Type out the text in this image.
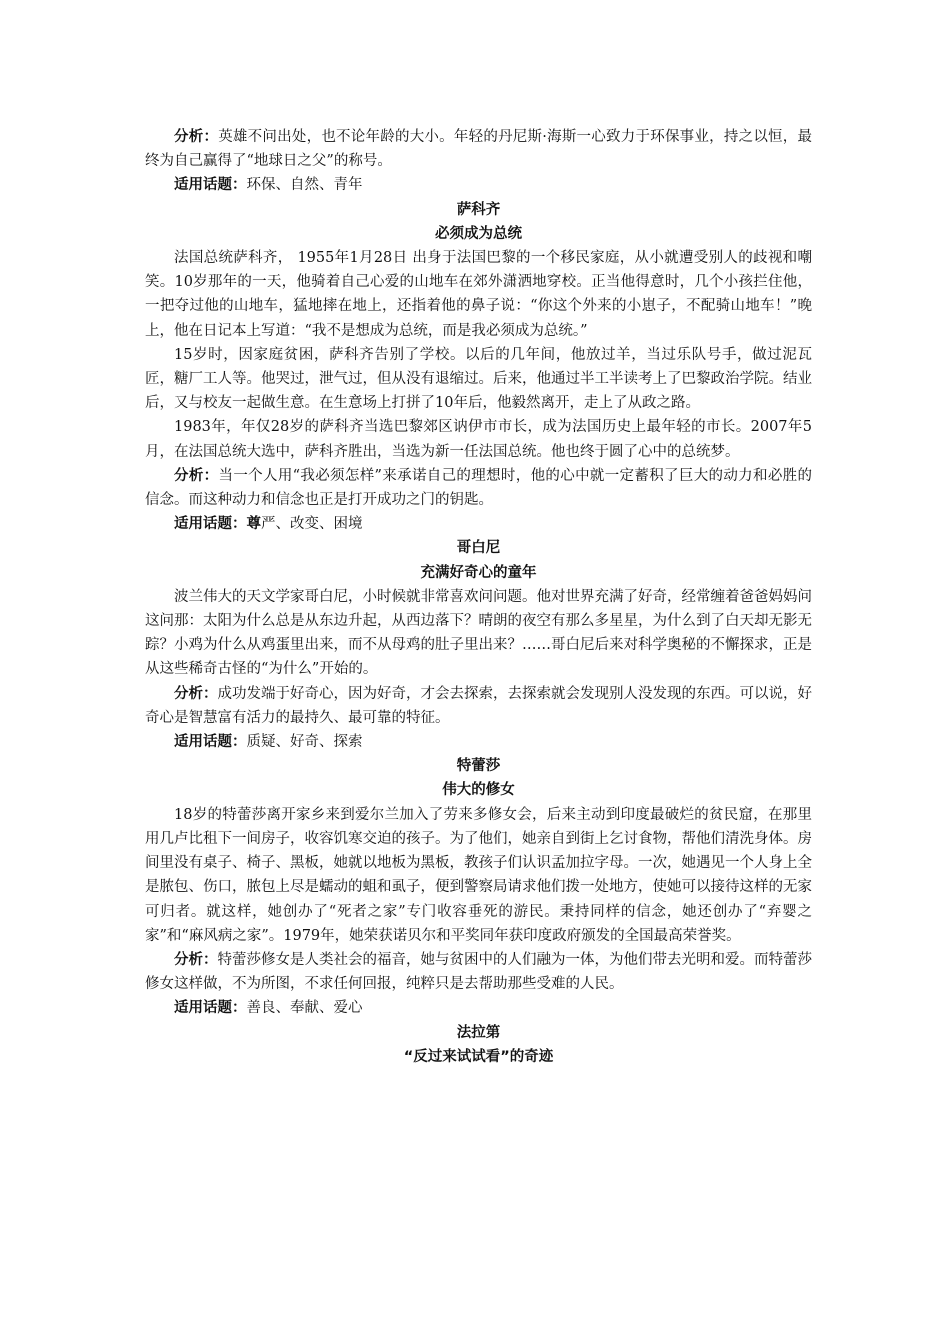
分析：英雄不问出处，也不论年龄的大小。年轻的丹尼斯·海斯一心致力于环保事业，持之以恒，最终为自己赢得了“地球日之父”的称号。

适用话题：环保、自然、青年

萨科齐

必须成为总统

法国总统萨科齐， 1955年1月28日 出身于法国巴黎的一个移民家庭，从小就遭受别人的歧视和嘲笑。10岁那年的一天，他骑着自己心爱的山地车在郊外潇洒地穿校。正当他得意时，几个小孩拦住他，一把夺过他的山地车，猛地摔在地上，还指着他的鼻子说：“你这个外来的小崽子，不配骑山地车！”晚上，他在日记本上写道：“我不是想成为总统，而是我必须成为总统。”

15岁时，因家庭贫困，萨科齐告别了学校。以后的几年间，他放过羊，当过乐队号手，做过泥瓦匠，糖厂工人等。他哭过，泄气过，但从没有退缩过。后来，他通过半工半读考上了巴黎政治学院。结业后，又与校友一起做生意。在生意场上打拼了10年后，他毅然离开，走上了从政之路。

1983年，年仅28岁的萨科齐当选巴黎郊区讷伊市市长，成为法国历史上最年轻的市长。2007年5月，在法国总统大选中，萨科齐胜出，当选为新一任法国总统。他也终于圆了心中的总统梦。

分析：当一个人用“我必须怎样”来承诺自己的理想时，他的心中就一定蓄积了巨大的动力和必胜的信念。而这种动力和信念也正是打开成功之门的钥匙。

适用话题：尊严、改变、困境

哥白尼

充满好奇心的童年

波兰伟大的天文学家哥白尼，小时候就非常喜欢问问题。他对世界充满了好奇，经常缠着爸爸妈妈问这问那：太阳为什么总是从东边升起，从西边落下？晴朗的夜空有那么多星星，为什么到了白天却无影无踪？小鸡为什么从鸡蛋里出来，而不从母鸡的肚子里出来？……哥白尼后来对科学奥秘的不懈探求，正是从这些稀奇古怪的“为什么”开始的。

分析：成功发端于好奇心，因为好奇，才会去探索，去探索就会发现别人没发现的东西。可以说，好奇心是智慧富有活力的最持久、最可靠的特征。

适用话题：质疑、好奇、探索

特蕾莎

伟大的修女

18岁的特蕾莎离开家乡来到爱尔兰加入了劳来多修女会，后来主动到印度最破烂的贫民窟，在那里用几卢比租下一间房子，收容饥寒交迫的孩子。为了他们，她亲自到街上乞讨食物，帮他们清洗身体。房间里没有桌子、椅子、黑板，她就以地板为黑板，教孩子们认识孟加拉字母。一次，她遇见一个人身上全是脓包、伤口，脓包上尽是蠕动的蛆和虱子，便到警察局请求他们拨一处地方，使她可以接待这样的无家可归者。就这样，她创办了“死者之家”专门收容垂死的游民。秉持同样的信念，她还创办了“弃婴之家”和“麻风病之家”。1979年，她荣获诺贝尔和平奖同年获印度政府颁发的全国最高荣誉奖。

分析：特蕾莎修女是人类社会的福音，她与贫困中的人们融为一体，为他们带去光明和爱。而特蕾莎修女这样做，不为所图，不求任何回报，纯粹只是去帮助那些受难的人民。

适用话题：善良、奉献、爱心

法拉第

“反过来试试看”的奇迹
